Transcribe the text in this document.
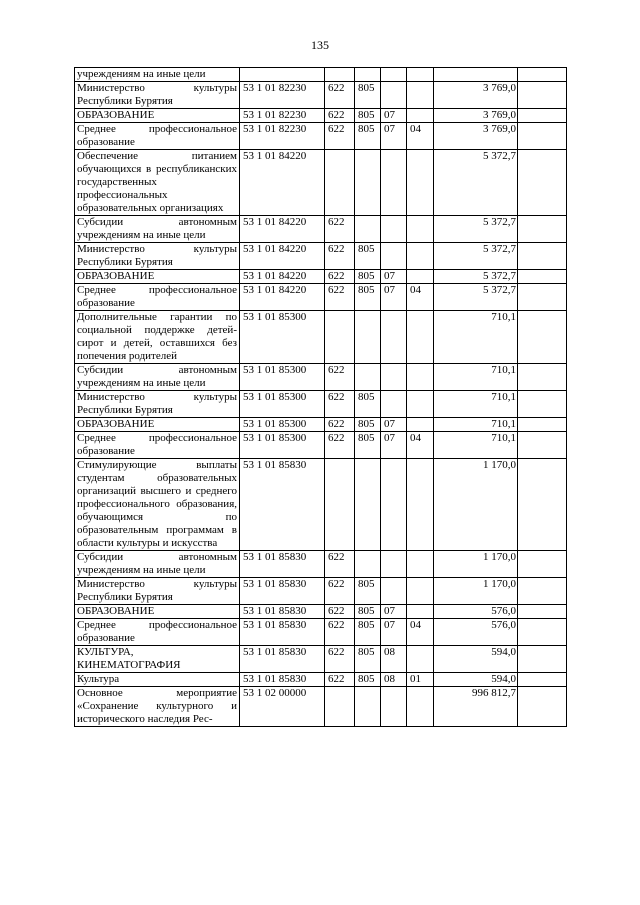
135
учреждениям на иные цели							
Министерство культуры Республики Бурятия	53 1 01 82230	622	805			3 769,0	
ОБРАЗОВАНИЕ	53 1 01 82230	622	805	07		3 769,0	
Среднее профессиональное образование	53 1 01 82230	622	805	07	04	3 769,0	
Обеспечение питанием обучающихся в республиканских государственных профессиональных образовательных организациях	53 1 01 84220					5 372,7	
Субсидии автономным учреждениям на иные цели	53 1 01 84220	622				5 372,7	
Министерство культуры Республики Бурятия	53 1 01 84220	622	805			5 372,7	
ОБРАЗОВАНИЕ	53 1 01 84220	622	805	07		5 372,7	
Среднее профессиональное образование	53 1 01 84220	622	805	07	04	5 372,7	
Дополнительные гарантии по социальной поддержке детей-сирот и детей, оставшихся без попечения родителей	53 1 01 85300					710,1	
Субсидии автономным учреждениям на иные цели	53 1 01 85300	622				710,1	
Министерство культуры Республики Бурятия	53 1 01 85300	622	805			710,1	
ОБРАЗОВАНИЕ	53 1 01 85300	622	805	07		710,1	
Среднее профессиональное образование	53 1 01 85300	622	805	07	04	710,1	
Стимулирующие выплаты студентам образовательных организаций высшего и среднего профессионального образования, обучающимся по образовательным программам в области культуры и искусства	53 1 01 85830					1 170,0	
Субсидии автономным учреждениям на иные цели	53 1 01 85830	622				1 170,0	
Министерство культуры Республики Бурятия	53 1 01 85830	622	805			1 170,0	
ОБРАЗОВАНИЕ	53 1 01 85830	622	805	07		576,0	
Среднее профессиональное образование	53 1 01 85830	622	805	07	04	576,0	
КУЛЬТУРА, КИНЕМАТОГРАФИЯ	53 1 01 85830	622	805	08		594,0	
Культура	53 1 01 85830	622	805	08	01	594,0	
Основное мероприятие «Сохранение культурного и исторического наследия Рес-	53 1 02 00000					996 812,7	
